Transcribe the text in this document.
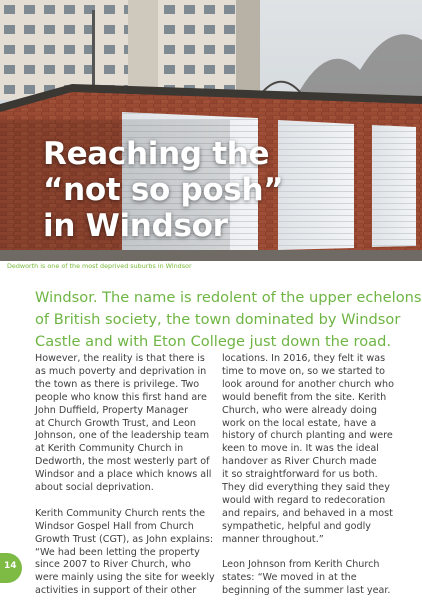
Reaching the
“not so posh”
in Windsor
Dedworth is one of the most deprived suburbs in Windsor

Windsor. The name is redolent of the upper echelons
of British society, the town dominated by Windsor
Castle and with Eton College just down the road.

However, the reality is that there is
as much poverty and deprivation in
the town as there is privilege. Two
people who know this first hand are
John Duffield, Property Manager
at Church Growth Trust, and Leon
Johnson, one of the leadership team
at Kerith Community Church in
Dedworth, the most westerly part of
Windsor and a place which knows all
about social deprivation.
Kerith Community Church rents the
Windsor Gospel Hall from Church
Growth Trust (CGT), as John explains:
“We had been letting the property
since 2007 to River Church, who
were mainly using the site for weekly
activities in support of their other
locations. In 2016, they felt it was
time to move on, so we started to
look around for another church who
would benefit from the site. Kerith
Church, who were already doing
work on the local estate, have a
history of church planting and were
keen to move in. It was the ideal
handover as River Church made
it so straightforward for us both.
They did everything they said they
would with regard to redecoration
and repairs, and behaved in a most
sympathetic, helpful and godly
manner throughout.”
Leon Johnson from Kerith Church
states: “We moved in at the
beginning of the summer last year.
14
